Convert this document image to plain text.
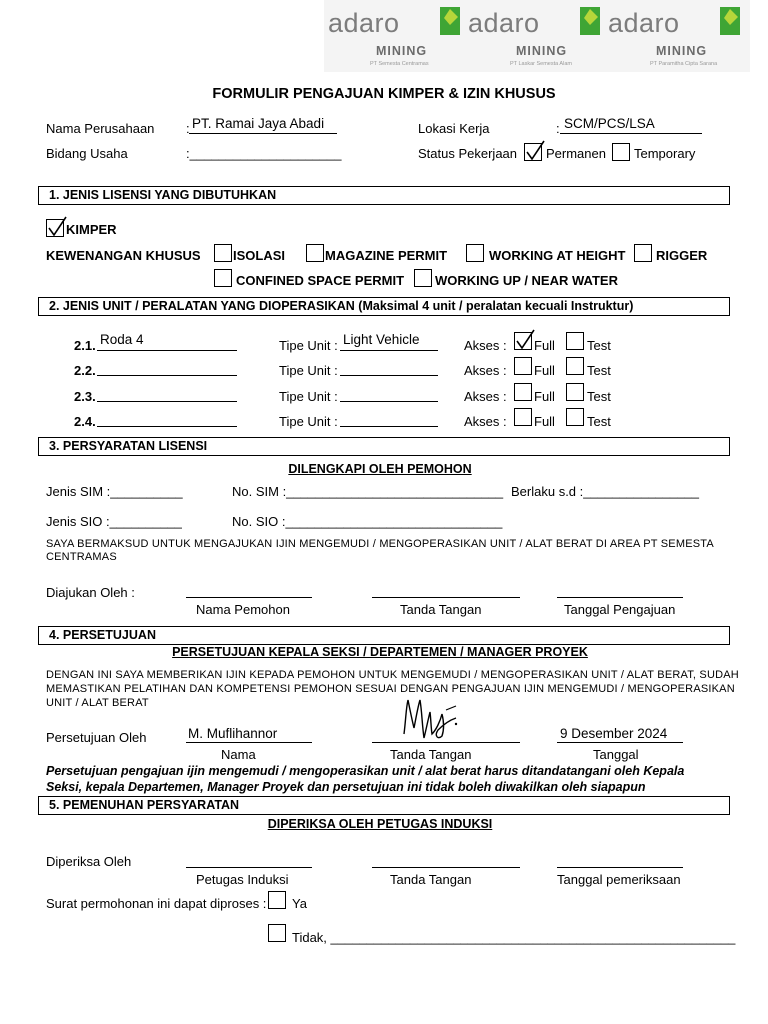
adaro
MINING
PT Semesta Centramas
adaro
MINING
PT Laskar Semesta Alam
adaro
MINING
PT Paramitha Cipta Sarana
FORMULIR PENGAJUAN KIMPER & IZIN KHUSUS
Nama Perusahaan : PT. Ramai Jaya Abadi
Bidang Usaha	:_____________________
Lokasi Kerja	: SCM/PCS/LSA
Status Pekerjaan Permanen Temporary
1. JENIS LISENSI YANG DIBUTUHKAN
KIMPER
KEWENANGAN KHUSUS ISOLASI	MAGAZINE PERMIT	WORKING AT HEIGHT RIGGER
CONFINED SPACE PERMIT WORKING UP / NEAR WATER
2. JENIS UNIT / PERALATAN YANG DIOPERASIKAN (Maksimal 4 unit / peralatan kecuali Instruktur)
2.1. Roda 4	Tipe Unit : Light Vehicle	Akses : Full Test
2.2.	Tipe Unit :	Akses : Full Test
2.3.	Tipe Unit :	Akses : Full Test
2.4.	Tipe Unit :	Akses : Full Test
3. PERSYARATAN LISENSI
DILENGKAPI OLEH PEMOHON
Jenis SIM :__________	No. SIM :______________________________ Berlaku s.d :________________
Jenis SIO :__________	No. SIO :______________________________
SAYA BERMAKSUD UNTUK MENGAJUKAN IJIN MENGEMUDI / MENGOPERASIKAN UNIT / ALAT BERAT DI AREA PT SEMESTA
CENTRAMAS
Diajukan Oleh :
Nama Pemohon	Tanda Tangan	Tanggal Pengajuan
4. PERSETUJUAN
PERSETUJUAN KEPALA SEKSI / DEPARTEMEN / MANAGER PROYEK
DENGAN INI SAYA MEMBERIKAN IJIN KEPADA PEMOHON UNTUK MENGEMUDI / MENGOPERASIKAN UNIT / ALAT BERAT, SUDAH
MEMASTIKAN PELATIHAN DAN KOMPETENSI PEMOHON SESUAI DENGAN PENGAJUAN IJIN MENGEMUDI / MENGOPERASIKAN
UNIT / ALAT BERAT
Persetujuan Oleh	M. Muflihannor	9 Desember 2024
Nama	Tanda Tangan	Tanggal
Persetujuan pengajuan ijin mengemudi / mengoperasikan unit / alat berat harus ditandatangani oleh Kepala
Seksi, kepala Departemen, Manager Proyek dan persetujuan ini tidak boleh diwakilkan oleh siapapun
5. PEMENUHAN PERSYARATAN
DIPERIKSA OLEH PETUGAS INDUKSI
Diperiksa Oleh
Petugas Induksi	Tanda Tangan	Tanggal pemeriksaan
Surat permohonan ini dapat diproses : Ya
Tidak, ________________________________________________________
